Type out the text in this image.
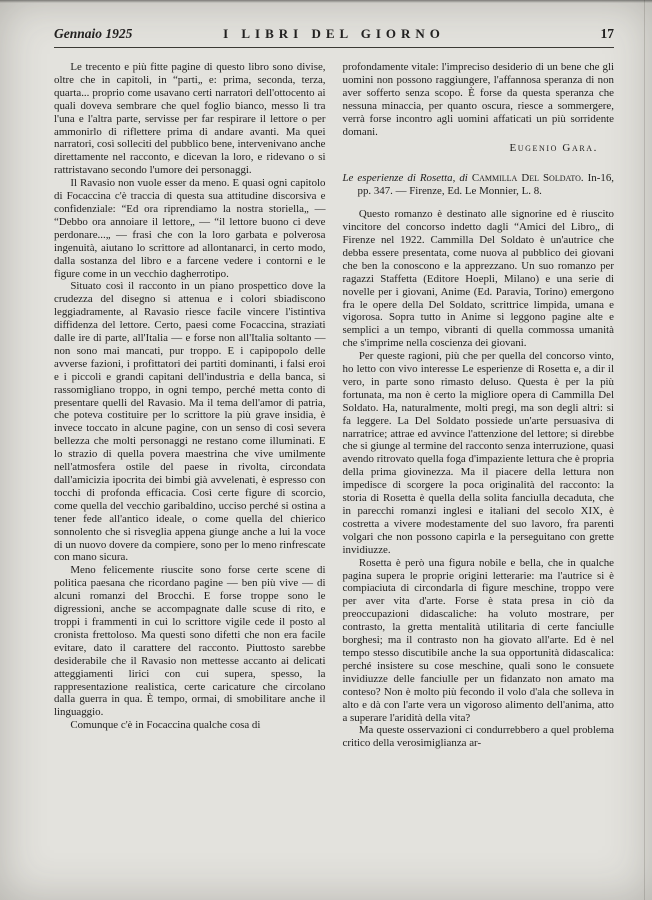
Gennaio 1925	I LIBRI DEL GIORNO	17

Le trecento e più fitte pagine di questo libro sono divise, oltre che in capitoli, in “parti„ e: prima, seconda, terza, quarta... proprio come usavano certi narratori dell'ottocento ai quali doveva sembrare che quel foglio bianco, messo lì tra l'una e l'altra parte, servisse per far respirare il lettore o per ammonirlo di riflettere prima di andare avanti. Ma quei narratori, così solleciti del pubblico bene, intervenivano anche direttamente nel racconto, e dicevan la loro, e ridevano o si rattristavano secondo l'umore dei personaggi.

Il Ravasio non vuole esser da meno. E quasi ogni capitolo di Focaccina c'è traccia di questa sua attitudine discorsiva e confidenziale: “Ed ora riprendiamo la nostra storiella„ — “Debbo ora annoiare il lettore„ — “il lettore buono ci deve perdonare...„ — frasi che con la loro garbata e polverosa ingenuità, aiutano lo scrittore ad allontanarci, in certo modo, dalla sostanza del libro e a farcene vedere i contorni e le figure come in un vecchio dagherrotipo.

Situato così il racconto in un piano prospettico dove la crudezza del disegno si attenua e i colori sbiadiscono leggiadramente, al Ravasio riesce facile vincere l'istintiva diffidenza del lettore. Certo, paesi come Focaccina, straziati dalle ire di parte, all'Italia — e forse non all'Italia soltanto — non sono mai mancati, pur troppo. E i capipopolo delle avverse fazioni, i profittatori dei partiti dominanti, i falsi eroi e i piccoli e grandi capitani dell'industria e della banca, si rassomigliano troppo, in ogni tempo, perché metta conto di presentare quelli del Ravasio. Ma il tema dell'amor di patria, che poteva costituire per lo scrittore la più grave insidia, è invece toccato in alcune pagine, con un senso di così severa bellezza che molti personaggi ne restano come illuminati. E lo strazio di quella povera maestrina che vive umilmente nell'atmosfera ostile del paese in rivolta, circondata dall'amicizia ipocrita dei bimbi già avvelenati, è espresso con tocchi di profonda efficacia. Così certe figure di scorcio, come quella del vecchio garibaldino, ucciso perché si ostina a tener fede all'antico ideale, o come quella del chierico sonnolento che si risveglia appena giunge anche a lui la voce di un nuovo dovere da compiere, sono per lo meno rinfrescate con mano sicura.

Meno felicemente riuscite sono forse certe scene di politica paesana che ricordano pagine — ben più vive — di alcuni romanzi del Brocchi. E forse troppe sono le digressioni, anche se accompagnate dalle scuse di rito, e troppi i frammenti in cui lo scrittore vigile cede il posto al cronista frettoloso. Ma questi sono difetti che non era facile evitare, dato il carattere del racconto. Piuttosto sarebbe desiderabile che il Ravasio non mettesse accanto ai delicati atteggiamenti lirici con cui supera, spesso, la rappresentazione realistica, certe caricature che circolano dalla guerra in qua. È tempo, ormai, di smobilitare anche il linguaggio.

Comunque c'è in Focaccina qualche cosa di

profondamente vitale: l'impreciso desiderio di un bene che gli uomini non possono raggiungere, l'affannosa speranza di non aver sofferto senza scopo. È forse da questa speranza che nessuna minaccia, per quanto oscura, riesce a sommergere, verrà forse incontro agli uomini affaticati un più sorridente domani.

Eugenio Gara.

Le esperienze di Rosetta, di Cammilla Del Soldato. In-16, pp. 347. — Firenze, Ed. Le Monnier, L. 8.

Questo romanzo è destinato alle signorine ed è riuscito vincitore del concorso indetto dagli “Amici del Libro„ di Firenze nel 1922. Cammilla Del Soldato è un'autrice che debba essere presentata, come nuova al pubblico dei giovani che ben la conoscono e la apprezzano. Un suo romanzo per ragazzi Staffetta (Editore Hoepli, Milano) e una serie di novelle per i giovani, Anime (Ed. Paravia, Torino) emergono fra le opere della Del Soldato, scrittrice limpida, umana e vigorosa. Sopra tutto in Anime si leggono pagine alte e semplici a un tempo, vibranti di quella commossa umanità che s'imprime nella coscienza dei giovani.

Per queste ragioni, più che per quella del concorso vinto, ho letto con vivo interesse Le esperienze di Rosetta e, a dir il vero, in parte sono rimasto deluso. Questa è per la più fortunata, ma non è certo la migliore opera di Cammilla Del Soldato. Ha, naturalmente, molti pregi, ma son degli altri: si fa leggere. La Del Soldato possiede un'arte persuasiva di narratrice; attrae ed avvince l'attenzione del lettore; si direbbe che si giunge al termine del racconto senza interruzione, quasi avendo ritrovato quella foga d'impaziente lettura che è propria della prima giovinezza. Ma il piacere della lettura non impedisce di scorgere la poca originalità del racconto: la storia di Rosetta è quella della solita fanciulla decaduta, che in parecchi romanzi inglesi e italiani del secolo XIX, è costretta a vivere modestamente del suo lavoro, fra parenti volgari che non possono capirla e la perseguitano con grette invidiuzze.

Rosetta è però una figura nobile e bella, che in qualche pagina supera le proprie origini letterarie: ma l'autrice si è compiaciuta di circondarla di figure meschine, troppo vere per aver vita d'arte. Forse è stata presa in ciò da preoccupazioni didascaliche: ha voluto mostrare, per contrasto, la gretta mentalità utilitaria di certe fanciulle borghesi; ma il contrasto non ha giovato all'arte. Ed è nel tempo stesso discutibile anche la sua opportunità didascalica: perché insistere su cose meschine, quali sono le consuete invidiuzze delle fanciulle per un fidanzato non amato ma conteso? Non è molto più fecondo il volo d'ala che solleva in alto e dà con l'arte vera un vigoroso alimento dell'anima, atto a superare l'aridità della vita?

Ma queste osservazioni ci condurrebbero a quel problema critico della verosimiglianza ar-
